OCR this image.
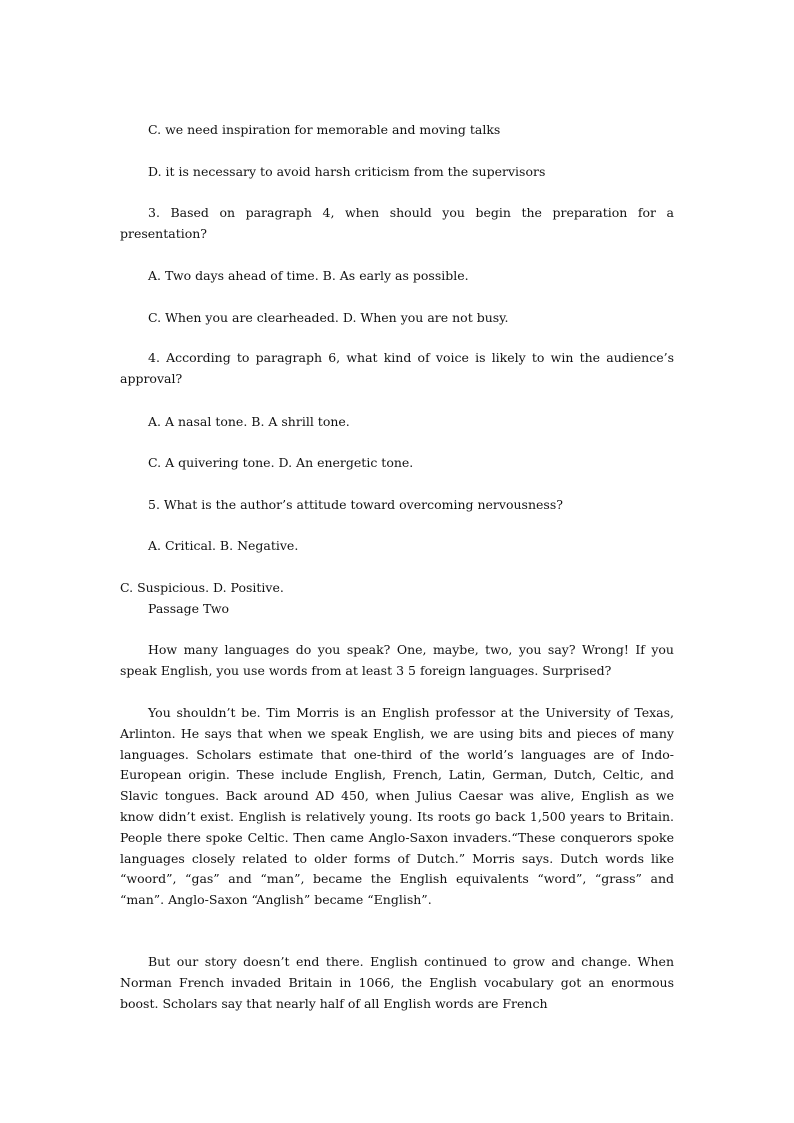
C. we need inspiration for memorable and moving talks
D. it is necessary to avoid harsh criticism from the supervisors
3. Based on paragraph 4, when should you begin the preparation for a presentation?
A. Two days ahead of time. B. As early as possible.
C. When you are clearheaded. D. When you are not busy.
4. According to paragraph 6, what kind of voice is likely to win the audience’s approval?
A. A nasal tone. B. A shrill tone.
C. A quivering tone. D. An energetic tone.
5. What is the author’s attitude toward overcoming nervousness?
A. Critical. B. Negative.
C. Suspicious. D. Positive.
Passage Two
How many languages do you speak? One, maybe, two, you say? Wrong! If you speak English, you use words from at least 3 5 foreign languages. Surprised?
You shouldn’t be. Tim Morris is an English professor at the University of Texas, Arlinton. He says that when we speak English, we are using bits and pieces of many languages. Scholars estimate that one-third of the world’s languages are of Indo-European origin. These include English, French, Latin, German, Dutch, Celtic, and Slavic tongues. Back around AD 450, when Julius Caesar was alive, English as we know didn’t exist. English is relatively young. Its roots go back 1,500 years to Britain. People there spoke Celtic. Then came Anglo-Saxon invaders.“These conquerors spoke languages closely related to older forms of Dutch.” Morris says. Dutch words like “woord”, “gas” and “man”, became the English equivalents “word”, “grass” and “man”. Anglo-Saxon “Anglish” became “English”.
But our story doesn’t end there. English continued to grow and change. When Norman French invaded Britain in 1066, the English vocabulary got an enormous boost. Scholars say that nearly half of all English words are French
